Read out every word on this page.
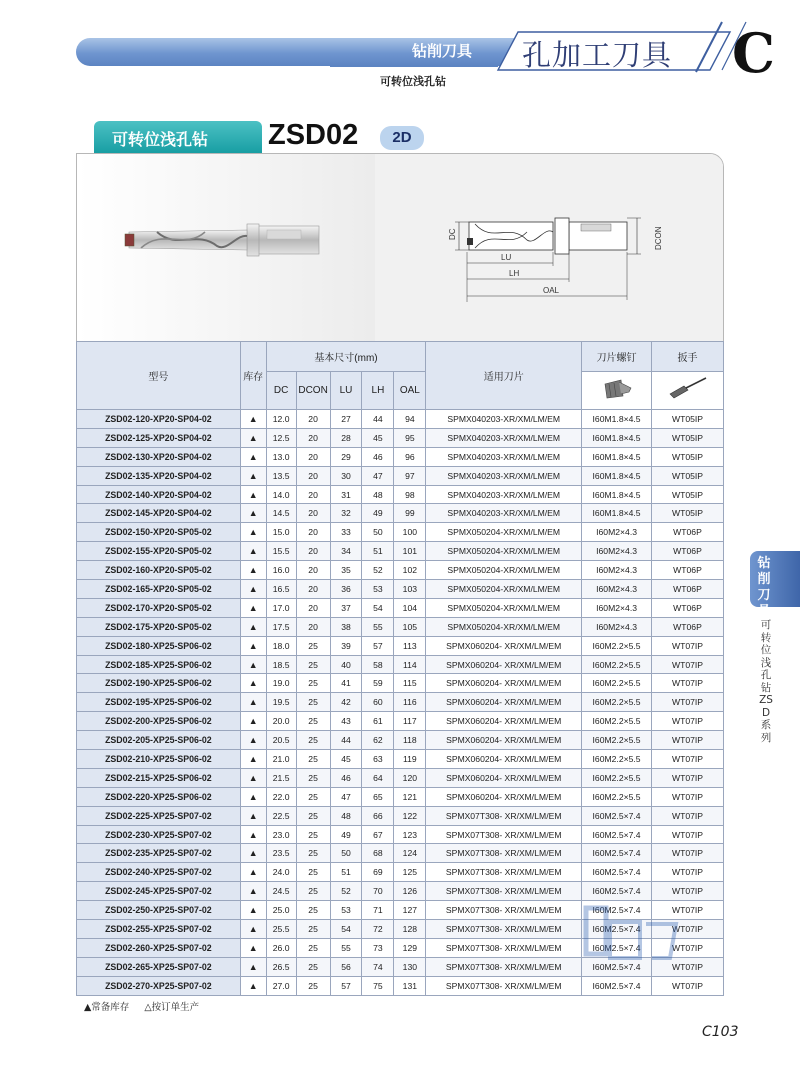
钻削刀具 孔加工刀具 C
可转位浅孔钻
可转位浅孔钻 ZSD02	2D
DC	DCON
LU
LH
OAL
型号	库存	基本尺寸(mm)					适用刀片	刀片螺钉	扳手
		DC	DCON	LU	LH	OAL		
ZSD02-120-XP20-SP04-02	▲	12.0	20	27	44	94	SPMX040203-XR/XM/LM/EM	I60M1.8×4.5	WT05IP
ZSD02-125-XP20-SP04-02	▲	12.5	20	28	45	95	SPMX040203-XR/XM/LM/EM	I60M1.8×4.5	WT05IP
ZSD02-130-XP20-SP04-02	▲	13.0	20	29	46	96	SPMX040203-XR/XM/LM/EM	I60M1.8×4.5	WT05IP
ZSD02-135-XP20-SP04-02	▲	13.5	20	30	47	97	SPMX040203-XR/XM/LM/EM	I60M1.8×4.5	WT05IP
ZSD02-140-XP20-SP04-02	▲	14.0	20	31	48	98	SPMX040203-XR/XM/LM/EM	I60M1.8×4.5	WT05IP
ZSD02-145-XP20-SP04-02	▲	14.5	20	32	49	99	SPMX040203-XR/XM/LM/EM	I60M1.8×4.5	WT05IP
ZSD02-150-XP20-SP05-02	▲	15.0	20	33	50	100	SPMX050204-XR/XM/LM/EM	I60M2×4.3	WT06P
ZSD02-155-XP20-SP05-02	▲	15.5	20	34	51	101	SPMX050204-XR/XM/LM/EM	I60M2×4.3	WT06P
ZSD02-160-XP20-SP05-02	▲	16.0	20	35	52	102	SPMX050204-XR/XM/LM/EM	I60M2×4.3	WT06P
ZSD02-165-XP20-SP05-02	▲	16.5	20	36	53	103	SPMX050204-XR/XM/LM/EM	I60M2×4.3	WT06P
ZSD02-170-XP20-SP05-02	▲	17.0	20	37	54	104	SPMX050204-XR/XM/LM/EM	I60M2×4.3	WT06P
ZSD02-175-XP20-SP05-02	▲	17.5	20	38	55	105	SPMX050204-XR/XM/LM/EM	I60M2×4.3	WT06P
ZSD02-180-XP25-SP06-02	▲	18.0	25	39	57	113	SPMX060204- XR/XM/LM/EM	I60M2.2×5.5	WT07IP
ZSD02-185-XP25-SP06-02	▲	18.5	25	40	58	114	SPMX060204- XR/XM/LM/EM	I60M2.2×5.5	WT07IP
ZSD02-190-XP25-SP06-02	▲	19.0	25	41	59	115	SPMX060204- XR/XM/LM/EM	I60M2.2×5.5	WT07IP
ZSD02-195-XP25-SP06-02	▲	19.5	25	42	60	116	SPMX060204- XR/XM/LM/EM	I60M2.2×5.5	WT07IP
ZSD02-200-XP25-SP06-02	▲	20.0	25	43	61	117	SPMX060204- XR/XM/LM/EM	I60M2.2×5.5	WT07IP
ZSD02-205-XP25-SP06-02	▲	20.5	25	44	62	118	SPMX060204- XR/XM/LM/EM	I60M2.2×5.5	WT07IP
ZSD02-210-XP25-SP06-02	▲	21.0	25	45	63	119	SPMX060204- XR/XM/LM/EM	I60M2.2×5.5	WT07IP
ZSD02-215-XP25-SP06-02	▲	21.5	25	46	64	120	SPMX060204- XR/XM/LM/EM	I60M2.2×5.5	WT07IP
ZSD02-220-XP25-SP06-02	▲	22.0	25	47	65	121	SPMX060204- XR/XM/LM/EM	I60M2.2×5.5	WT07IP
ZSD02-225-XP25-SP07-02	▲	22.5	25	48	66	122	SPMX07T308- XR/XM/LM/EM	I60M2.5×7.4	WT07IP
ZSD02-230-XP25-SP07-02	▲	23.0	25	49	67	123	SPMX07T308- XR/XM/LM/EM	I60M2.5×7.4	WT07IP
ZSD02-235-XP25-SP07-02	▲	23.5	25	50	68	124	SPMX07T308- XR/XM/LM/EM	I60M2.5×7.4	WT07IP
ZSD02-240-XP25-SP07-02	▲	24.0	25	51	69	125	SPMX07T308- XR/XM/LM/EM	I60M2.5×7.4	WT07IP
ZSD02-245-XP25-SP07-02	▲	24.5	25	52	70	126	SPMX07T308- XR/XM/LM/EM	I60M2.5×7.4	WT07IP
ZSD02-250-XP25-SP07-02	▲	25.0	25	53	71	127	SPMX07T308- XR/XM/LM/EM	I60M2.5×7.4	WT07IP
ZSD02-255-XP25-SP07-02	▲	25.5	25	54	72	128	SPMX07T308- XR/XM/LM/EM	I60M2.5×7.4	WT07IP
ZSD02-260-XP25-SP07-02	▲	26.0	25	55	73	129	SPMX07T308- XR/XM/LM/EM	I60M2.5×7.4	WT07IP
ZSD02-265-XP25-SP07-02	▲	26.5	25	56	74	130	SPMX07T308- XR/XM/LM/EM	I60M2.5×7.4	WT07IP
ZSD02-270-XP25-SP07-02	▲	27.0	25	57	75	131	SPMX07T308- XR/XM/LM/EM	I60M2.5×7.4	WT07IP
▲常备库存 △按订单生产
C103
钻削刀具
可转位浅孔钻ZSD系列
